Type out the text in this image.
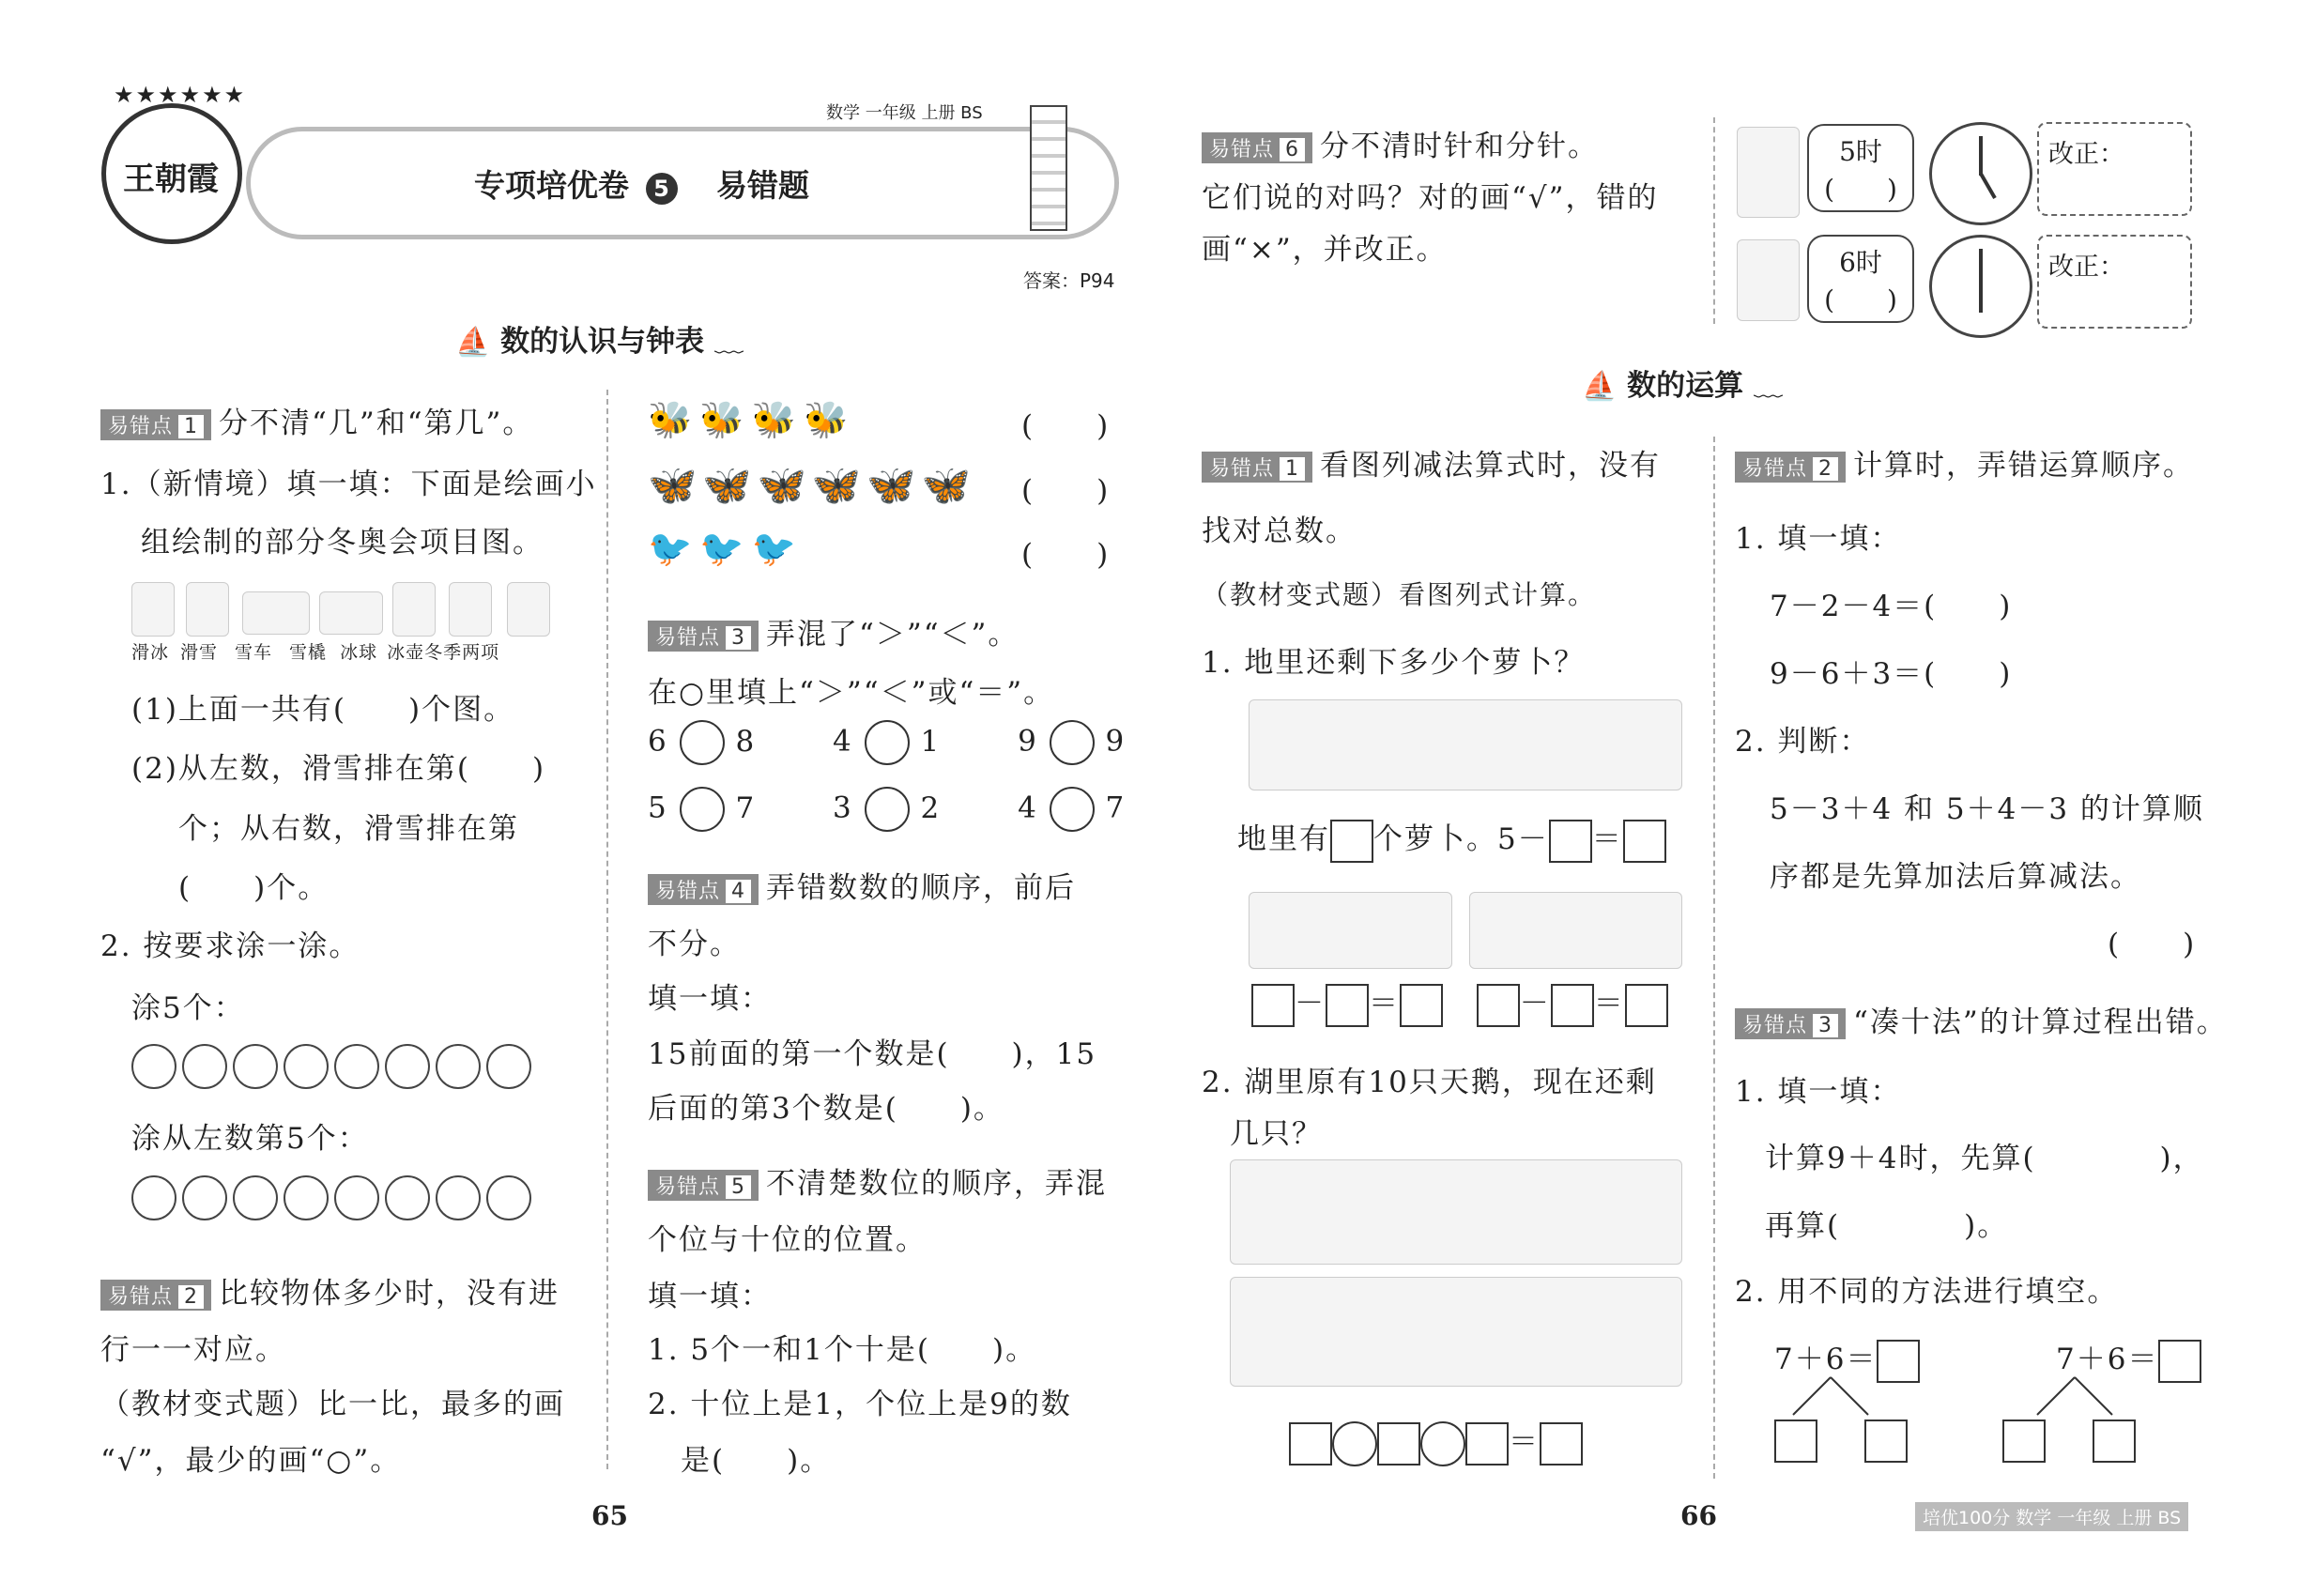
★★★★★★
王朝霞
数学 一年级 上册 BS
专项培优卷 5 易错题
答案：P94
⛵ 数的认识与钟表 ﹏
易错点 1 分不清“几”和“第几”。
1.（新情境）填一填：下面是绘画小
组绘制的部分冬奥会项目图。
滑冰 滑雪 雪车 雪橇 冰球 冰壶冬季两项
(1)上面一共有(　　)个图。
(2)从左数，滑雪排在第(　　)
个；从右数，滑雪排在第
(　　)个。
2. 按要求涂一涂。
涂5个：
涂从左数第5个：
易错点 2 比较物体多少时，没有进
行一一对应。
（教材变式题）比一比，最多的画
“√”，最少的画“○”。
🐝🐝🐝🐝	(　　)
🦋🦋🦋🦋🦋🦋 (　　)
🐦🐦🐦	(　　)
易错点 3 弄混了“＞”“＜”。
在○里填上“＞”“＜”或“＝”。
6 8	4 1	9 9
5 7	3 2	4 7
易错点 4 弄错数数的顺序，前后
不分。
填一填：
15前面的第一个数是(　　)，15
后面的第3个数是(　　)。
易错点 5 不清楚数位的顺序，弄混
个位与十位的位置。
填一填：
1. 5个一和1个十是(　　)。
2. 十位上是1，个位上是9的数
是(　　)。
65
易错点 6 分不清时针和分针。
它们说的对吗？对的画“√”，错的
画“×”，并改正。
5时
(　　)
改正：
6时
(　　)
改正：
⛵ 数的运算 ﹏
易错点 1 看图列减法算式时，没有
找对总数。
（教材变式题）看图列式计算。
1. 地里还剩下多少个萝卜？
地里有 个萝卜。5－ ＝
－ ＝	－ ＝
2. 湖里原有10只天鹅，现在还剩
几只？
＝
易错点 2 计算时，弄错运算顺序。
1. 填一填：
7－2－4＝(　　)
9－6＋3＝(　　)
2. 判断：
5－3＋4 和 5＋4－3 的计算顺
序都是先算加法后算减法。
(　　)
易错点 3 “凑十法”的计算过程出错。
1. 填一填：
计算9＋4时，先算(　　　　)，
再算(　　　　)。
2. 用不同的方法进行填空。
7＋6＝	7＋6＝
66	培优100分 数学 一年级 上册 BS
